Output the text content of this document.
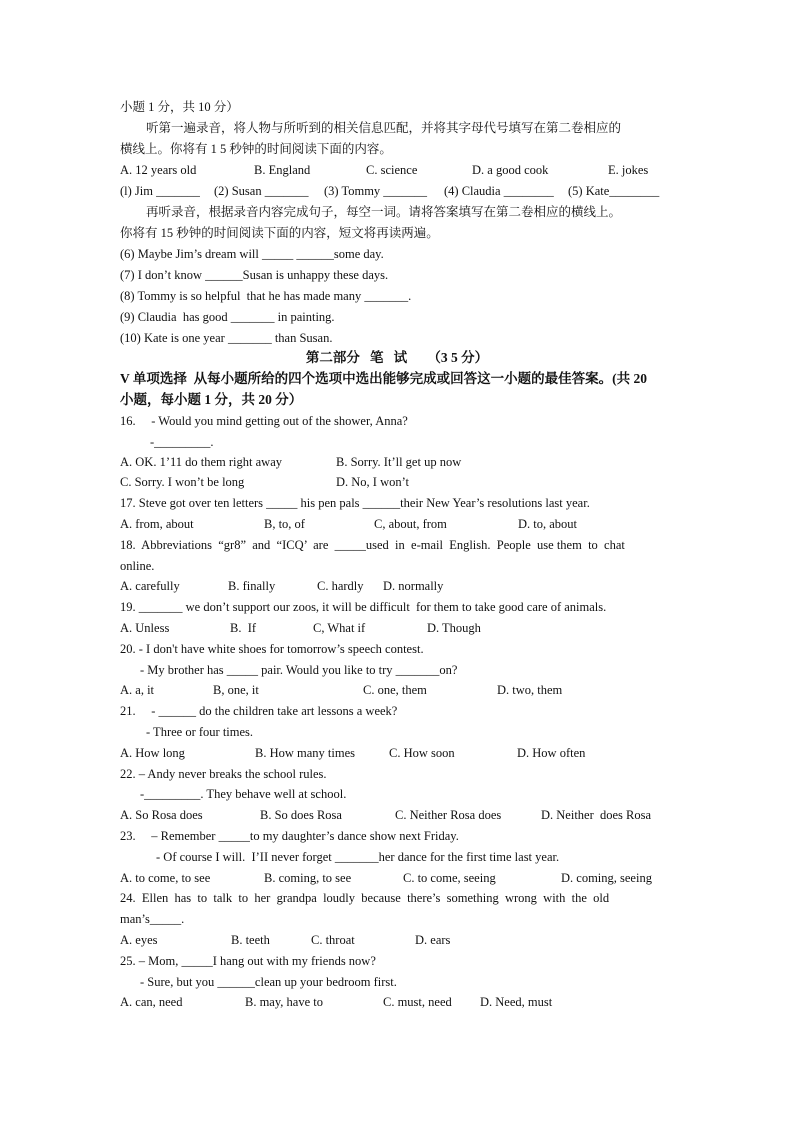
小题 1 分，共 10 分）
听第一遍录音，将人物与所听到的相关信息匹配，并将其字母代号填写在第二卷相应的
横线上。你将有 1 5 秒钟的时间阅读下面的内容。
A. 12 years old	B. England	C. science	D. a good cook	E. jokes
(l) Jim _______ (2) Susan _______ (3) Tommy _______ (4) Claudia ________ (5) Kate________
再听录音，根据录音内容完成句子，每空一词。请将答案填写在第二卷相应的横线上。
你将有 15 秒钟的时间阅读下面的内容，短文将再读两遍。
(6) Maybe Jim’s dream will _____ ______some day.
(7) I don’t know ______Susan is unhappy these days.
(8) Tommy is so helpful  that he has made many _______.
(9) Claudia  has good _______ in painting.
(10) Kate is one year _______ than Susan.
第二部分   笔   试      （3 5 分）
V 单项选择  从每小题所给的四个选项中选出能够完成或回答这一小题的最佳答案。(共 20
小题，每小题 1 分，共 20 分）
16.     - Would you mind getting out of the shower, Anna?
-_________.
A. OK. 1’11 do them right away	B. Sorry. It’ll get up now
C. Sorry. I won’t be long	D. No, I won’t
17. Steve got over ten letters _____ his pen pals ______their New Year’s resolutions last year.
A. from, about	B, to, of	C, about, from	D. to, about
18.  Abbreviations  “gr8”  and  “ICQ’  are  _____used  in  e-mail  English.  People  use them  to  chat
online.
A. carefully	B. finally	C. hardly D. normally
19. _______ we don’t support our zoos, it will be difficult  for them to take good care of animals.
A. Unless	B.  If	C, What if	D. Though
20. - I don't have white shoes for tomorrow’s speech contest.
- My brother has _____ pair. Would you like to try _______on?
A. a, it	B, one, it	C. one, them	D. two, them
21.     - ______ do the children take art lessons a week?
- Three or four times.
A. How long	B. How many times	C. How soon	D. How often
22. – Andy never breaks the school rules.
-_________. They behave well at school.
A. So Rosa does	B. So does Rosa	C. Neither Rosa does	D. Neither  does Rosa
23.     – Remember _____to my daughter’s dance show next Friday.
- Of course I will.  I’II never forget _______her dance for the first time last year.
A. to come, to see	B. coming, to see	C. to come, seeing	D. coming, seeing
24.  Ellen  has  to  talk  to  her  grandpa  loudly  because  there’s  something  wrong  with  the  old
man’s_____.
A. eyes	B. teeth	C. throat	D. ears
25. – Mom, _____I hang out with my friends now?
- Sure, but you ______clean up your bedroom first.
A. can, need	B. may, have to	C. must, need D. Need, must
